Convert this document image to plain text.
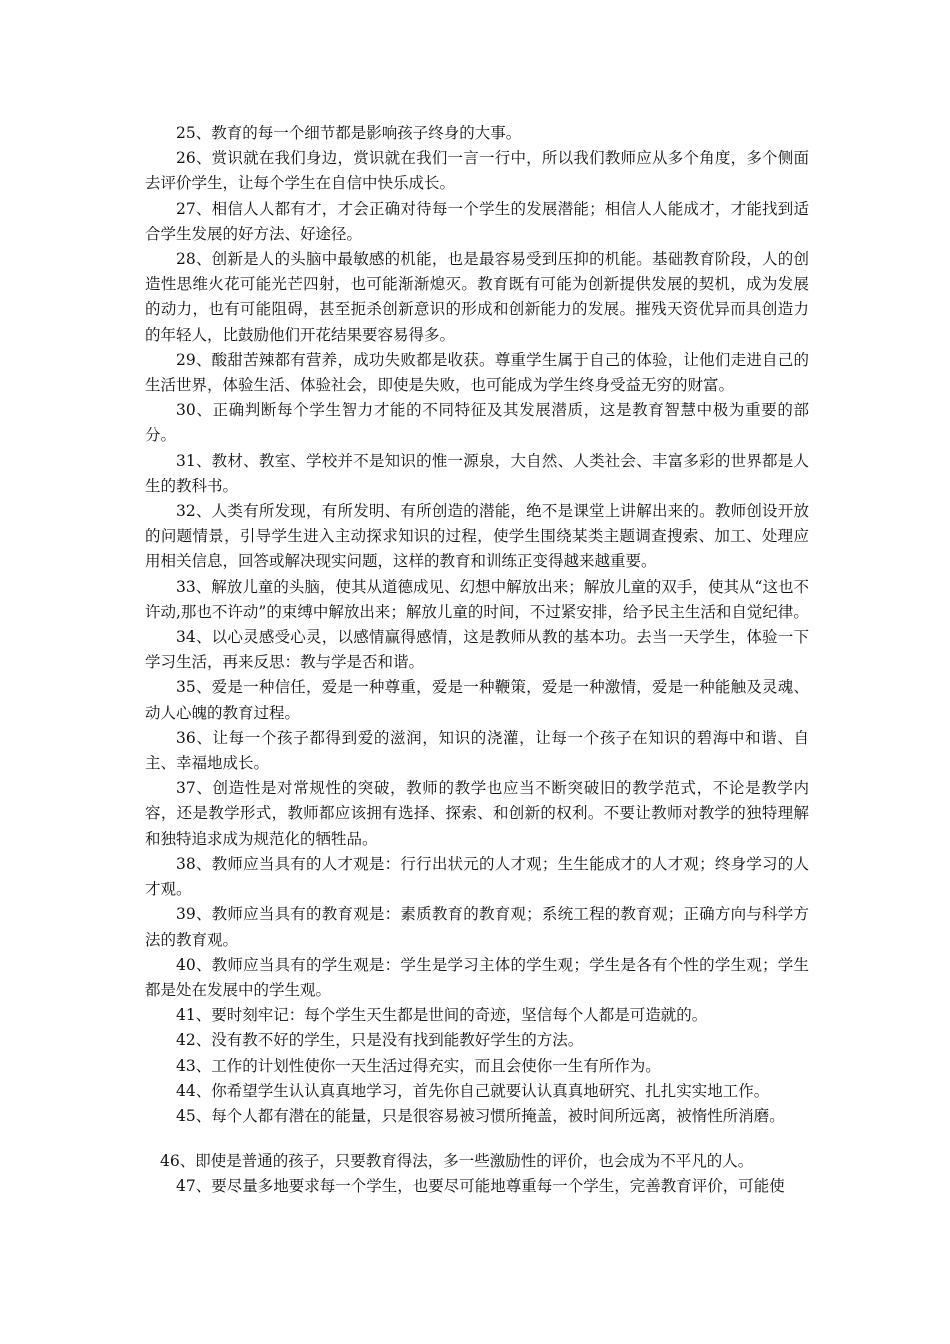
25、教育的每一个细节都是影响孩子终身的大事。

26、赏识就在我们身边，赏识就在我们一言一行中，所以我们教师应从多个角度，多个侧面去评价学生，让每个学生在自信中快乐成长。

27、相信人人都有才，才会正确对待每一个学生的发展潜能；相信人人能成才，才能找到适合学生发展的好方法、好途径。

28、创新是人的头脑中最敏感的机能，也是最容易受到压抑的机能。基础教育阶段，人的创造性思维火花可能光芒四射，也可能渐渐熄灭。教育既有可能为创新提供发展的契机，成为发展的动力，也有可能阻碍，甚至扼杀创新意识的形成和创新能力的发展。摧残天资优异而具创造力的年轻人，比鼓励他们开花结果要容易得多。

29、酸甜苦辣都有营养，成功失败都是收获。尊重学生属于自己的体验，让他们走进自己的生活世界，体验生活、体验社会，即使是失败，也可能成为学生终身受益无穷的财富。

30、正确判断每个学生智力才能的不同特征及其发展潜质，这是教育智慧中极为重要的部分。

31、教材、教室、学校并不是知识的惟一源泉，大自然、人类社会、丰富多彩的世界都是人生的教科书。

32、人类有所发现，有所发明、有所创造的潜能，绝不是课堂上讲解出来的。教师创设开放的问题情景，引导学生进入主动探求知识的过程，使学生围绕某类主题调查搜索、加工、处理应用相关信息，回答或解决现实问题，这样的教育和训练正变得越来越重要。

33、解放儿童的头脑，使其从道德成见、幻想中解放出来；解放儿童的双手，使其从“这也不许动,那也不许动”的束缚中解放出来；解放儿童的时间，不过紧安排，给予民主生活和自觉纪律。

34、以心灵感受心灵，以感情赢得感情，这是教师从教的基本功。去当一天学生，体验一下学习生活，再来反思：教与学是否和谐。

35、爱是一种信任，爱是一种尊重，爱是一种鞭策，爱是一种激情，爱是一种能触及灵魂、动人心魄的教育过程。

36、让每一个孩子都得到爱的滋润，知识的浇灌，让每一个孩子在知识的碧海中和谐、自主、幸福地成长。

37、创造性是对常规性的突破，教师的教学也应当不断突破旧的教学范式，不论是教学内容，还是教学形式，教师都应该拥有选择、探索、和创新的权利。不要让教师对教学的独特理解和独特追求成为规范化的牺牲品。

38、教师应当具有的人才观是：行行出状元的人才观；生生能成才的人才观；终身学习的人才观。

39、教师应当具有的教育观是：素质教育的教育观；系统工程的教育观；正确方向与科学方法的教育观。

40、教师应当具有的学生观是：学生是学习主体的学生观；学生是各有个性的学生观；学生都是处在发展中的学生观。

41、要时刻牢记：每个学生天生都是世间的奇迹，坚信每个人都是可造就的。

42、没有教不好的学生，只是没有找到能教好学生的方法。

43、工作的计划性使你一天生活过得充实，而且会使你一生有所作为。

44、你希望学生认认真真地学习，首先你自己就要认认真真地研究、扎扎实实地工作。

45、每个人都有潜在的能量，只是很容易被习惯所掩盖，被时间所远离，被惰性所消磨。

46、即使是普通的孩子，只要教育得法，多一些激励性的评价，也会成为不平凡的人。

47、要尽量多地要求每一个学生，也要尽可能地尊重每一个学生，完善教育评价，可能使
